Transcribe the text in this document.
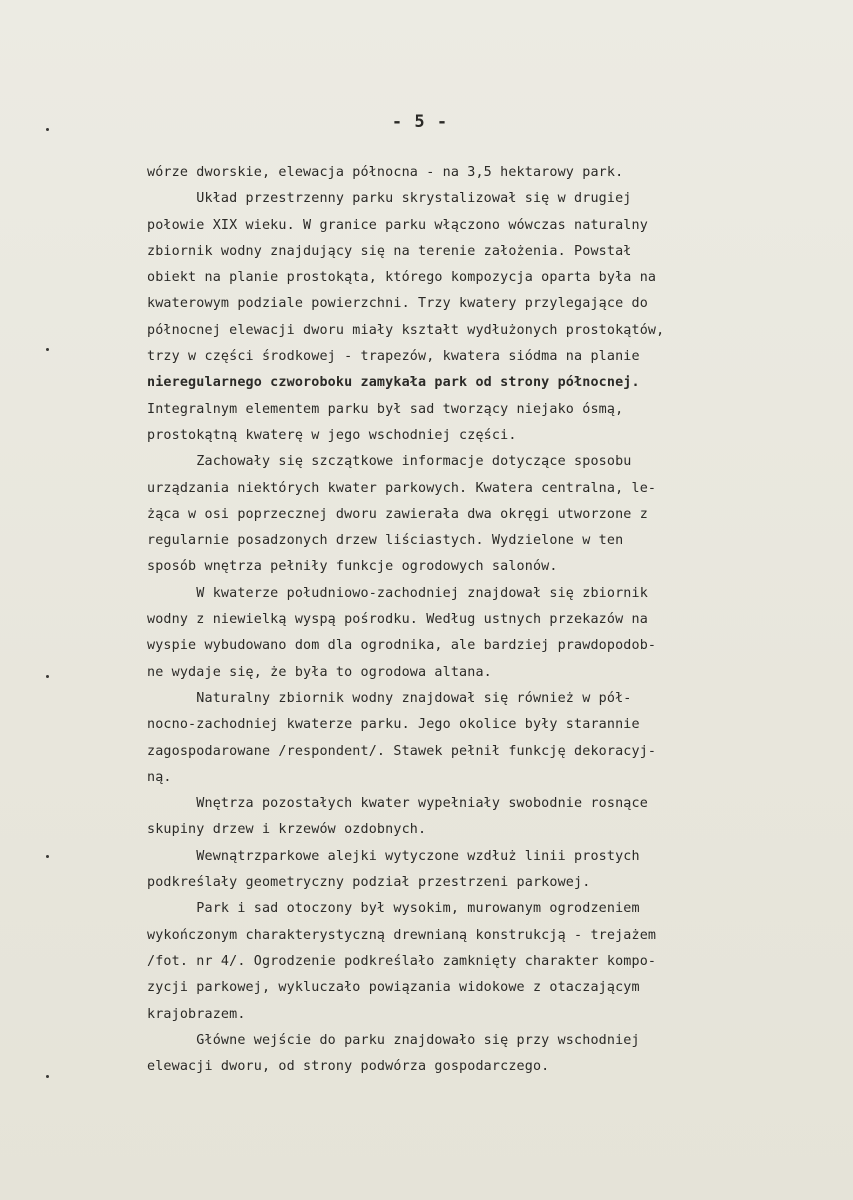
- 5 -
wórze dworskie, elewacja północna - na 3,5 hektarowy park.
Układ przestrzenny parku skrystalizował się w drugiej
połowie XIX wieku. W granice parku włączono wówczas naturalny
zbiornik wodny znajdujący się na terenie założenia. Powstał
obiekt na planie prostokąta, którego kompozycja oparta była na
kwaterowym podziale powierzchni. Trzy kwatery przylegające do
północnej elewacji dworu miały kształt wydłużonych prostokątów,
trzy w części środkowej - trapezów, kwatera siódma na planie
nieregularnego czworoboku zamykała park od strony północnej.
Integralnym elementem parku był sad tworzący niejako ósmą,
prostokątną kwaterę w jego wschodniej części.
Zachowały się szczątkowe informacje dotyczące sposobu
urządzania niektórych kwater parkowych. Kwatera centralna, le-
żąca w osi poprzecznej dworu zawierała dwa okręgi utworzone z
regularnie posadzonych drzew liściastych. Wydzielone w ten
sposób wnętrza pełniły funkcje ogrodowych salonów.
W kwaterze południowo-zachodniej znajdował się zbiornik
wodny z niewielką wyspą pośrodku. Według ustnych przekazów na
wyspie wybudowano dom dla ogrodnika, ale bardziej prawdopodob-
ne wydaje się, że była to ogrodowa altana.
Naturalny zbiornik wodny znajdował się również w pół-
nocno-zachodniej kwaterze parku. Jego okolice były starannie
zagospodarowane /respondent/. Stawek pełnił funkcję dekoracyj-
ną.
Wnętrza pozostałych kwater wypełniały swobodnie rosnące
skupiny drzew i krzewów ozdobnych.
Wewnątrzparkowe alejki wytyczone wzdłuż linii prostych
podkreślały geometryczny podział przestrzeni parkowej.
Park i sad otoczony był wysokim, murowanym ogrodzeniem
wykończonym charakterystyczną drewnianą konstrukcją - trejażem
/fot. nr 4/. Ogrodzenie podkreślało zamknięty charakter kompo-
zycji parkowej, wykluczało powiązania widokowe z otaczającym
krajobrazem.
Główne wejście do parku znajdowało się przy wschodniej
elewacji dworu, od strony podwórza gospodarczego.
